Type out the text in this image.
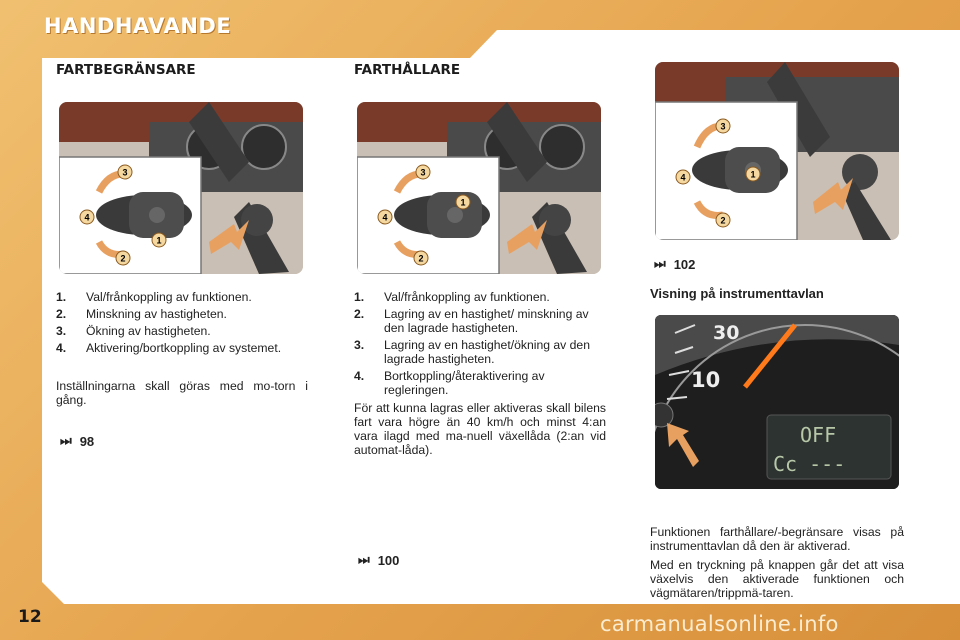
HANDHAVANDE
FARTBEGRÄNSARE
3
4
1
2
1.	Val/frånkoppling av funktionen.
2.	Minskning av hastigheten.
3.	Ökning av hastigheten.
4.	Aktivering/bortkoppling av systemet.

Inställningarna skall göras med mo-torn i gång.

⏭ 98
FARTHÅLLARE
3
1
4
2
1.	Val/frånkoppling av funktionen.
2.	Lagring av en hastighet/ minskning av den lagrade hastigheten.
3.	Lagring av en hastighet/ökning av den lagrade hastigheten.
4.	Bortkoppling/återaktivering av regleringen.

För att kunna lagras eller aktiveras skall bilens fart vara högre än 40 km/h och minst 4:an vara ilagd med ma-nuell växellåda (2:an vid automat-låda).

⏭ 100
3
4	1
2
⏭ 102
Visning på instrumenttavlan
30
10
OFF
Cc ---

Funktionen farthållare/-begränsare visas på instrumenttavlan då den är aktiverad.

Med en tryckning på knappen går det att visa växelvis den aktiverade funktionen och vägmätaren/trippmä-taren.

12	carmanualsonline.info
